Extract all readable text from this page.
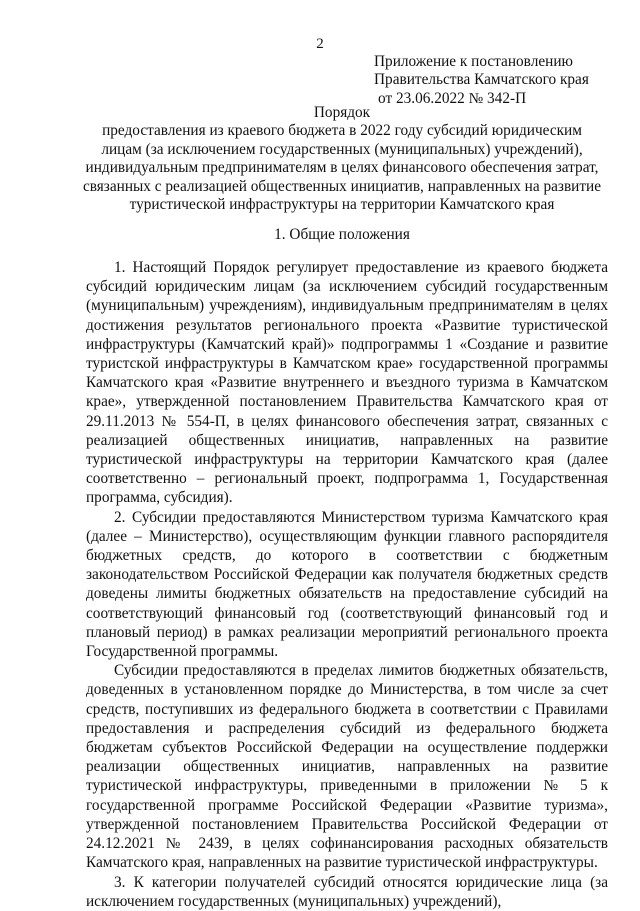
2
Приложение к постановлению
Правительства Камчатского края
от 23.06.2022 № 342-П
Порядок
предоставления из краевого бюджета в 2022 году субсидий юридическим
лицам (за исключением государственных (муниципальных) учреждений),
индивидуальным предпринимателям в целях финансового обеспечения затрат,
связанных с реализацией общественных инициатив, направленных на развитие
туристической инфраструктуры на территории Камчатского края
1. Общие положения

1. Настоящий Порядок регулирует предоставление из краевого бюджета субсидий юридическим лицам (за исключением субсидий государственным (муниципальным) учреждениям), индивидуальным предпринимателям в целях достижения результатов регионального проекта «Развитие туристической инфраструктуры (Камчатский край)» подпрограммы 1 «Создание и развитие туристской инфраструктуры в Камчатском крае» государственной программы Камчатского края «Развитие внутреннего и въездного туризма в Камчатском крае», утвержденной постановлением Правительства Камчатского края от 29.11.2013 № 554-П, в целях финансового обеспечения затрат, связанных с реализацией общественных инициатив, направленных на развитие туристической инфраструктуры на территории Камчатского края (далее соответственно – региональный проект, подпрограмма 1, Государственная программа, субсидия).

2. Субсидии предоставляются Министерством туризма Камчатского края (далее – Министерство), осуществляющим функции главного распорядителя бюджетных средств, до которого в соответствии с бюджетным законодательством Российской Федерации как получателя бюджетных средств доведены лимиты бюджетных обязательств на предоставление субсидий на соответствующий финансовый год (соответствующий финансовый год и плановый период) в рамках реализации мероприятий регионального проекта Государственной программы.

Субсидии предоставляются в пределах лимитов бюджетных обязательств, доведенных в установленном порядке до Министерства, в том числе за счет средств, поступивших из федерального бюджета в соответствии с Правилами предоставления и распределения субсидий из федерального бюджета бюджетам субъектов Российской Федерации на осуществление поддержки реализации общественных инициатив, направленных на развитие туристической инфраструктуры, приведенными в приложении № 5 к государственной программе Российской Федерации «Развитие туризма», утвержденной постановлением Правительства Российской Федерации от 24.12.2021 № 2439, в целях софинансирования расходных обязательств Камчатского края, направленных на развитие туристической инфраструктуры.

3. К категории получателей субсидий относятся юридические лица (за исключением государственных (муниципальных) учреждений),
